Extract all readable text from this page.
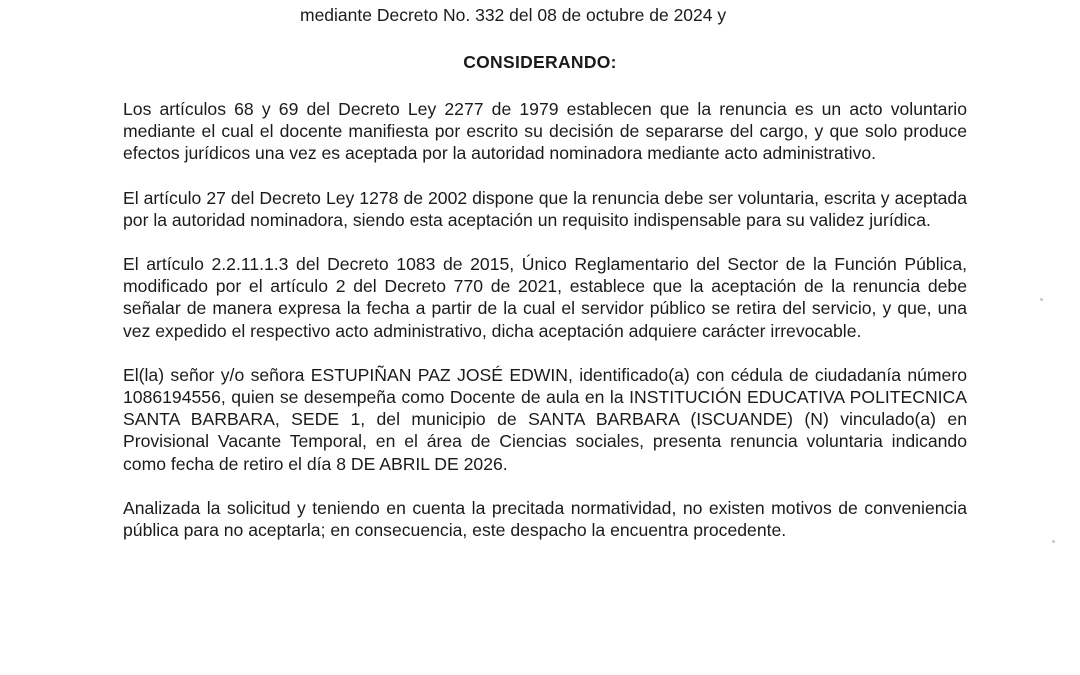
mediante Decreto No. 332 del 08 de octubre de 2024 y
CONSIDERANDO:

Los artículos 68 y 69 del Decreto Ley 2277 de 1979 establecen que la renuncia es un acto voluntario mediante el cual el docente manifiesta por escrito su decisión de separarse del cargo, y que solo produce efectos jurídicos una vez es aceptada por la autoridad nominadora mediante acto administrativo.

El artículo 27 del Decreto Ley 1278 de 2002 dispone que la renuncia debe ser voluntaria, escrita y aceptada por la autoridad nominadora, siendo esta aceptación un requisito indispensable para su validez jurídica.

El artículo 2.2.11.1.3 del Decreto 1083 de 2015, Único Reglamentario del Sector de la Función Pública, modificado por el artículo 2 del Decreto 770 de 2021, establece que la aceptación de la renuncia debe señalar de manera expresa la fecha a partir de la cual el servidor público se retira del servicio, y que, una vez expedido el respectivo acto administrativo, dicha aceptación adquiere carácter irrevocable.

El(la) señor y/o señora ESTUPIÑAN PAZ JOSÉ EDWIN, identificado(a) con cédula de ciudadanía número 1086194556, quien se desempeña como Docente de aula en la INSTITUCIÓN EDUCATIVA POLITECNICA SANTA BARBARA, SEDE 1, del municipio de SANTA BARBARA (ISCUANDE) (N) vinculado(a) en Provisional Vacante Temporal, en el área de Ciencias sociales, presenta renuncia voluntaria indicando como fecha de retiro el día 8 DE ABRIL DE 2026.

Analizada la solicitud y teniendo en cuenta la precitada normatividad, no existen motivos de conveniencia pública para no aceptarla; en consecuencia, este despacho la encuentra procedente.
